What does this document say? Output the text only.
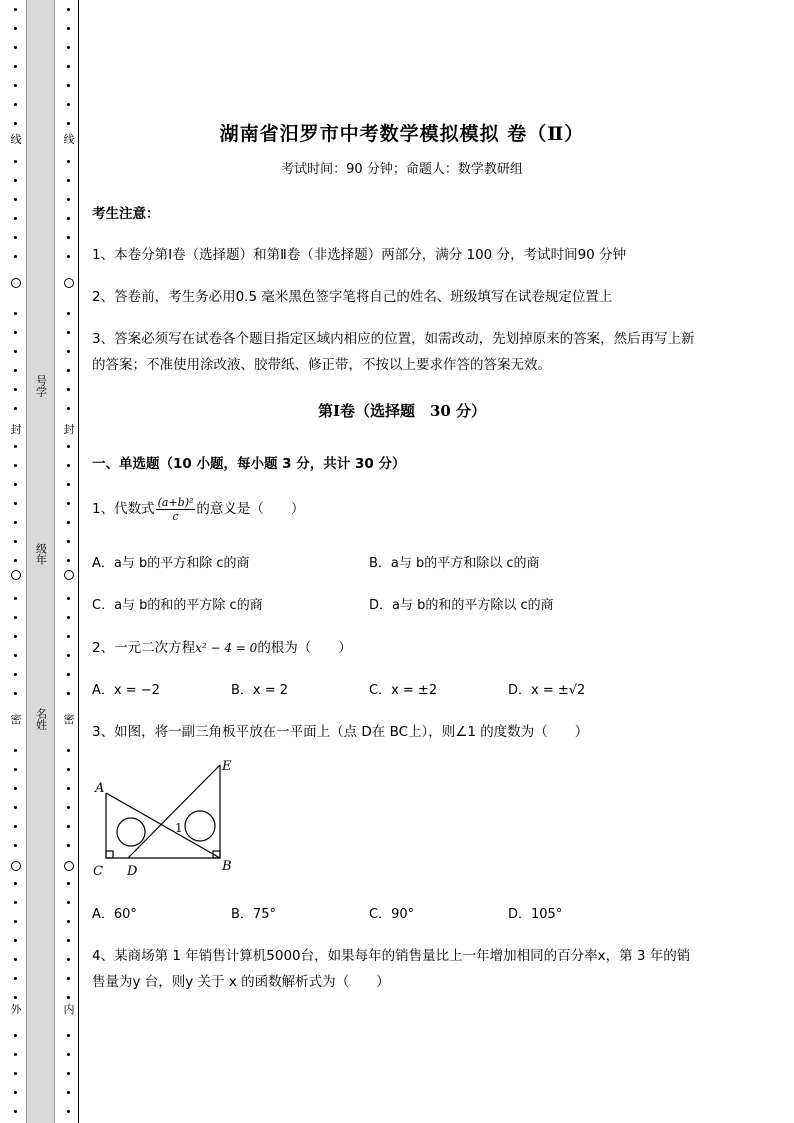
线
封
密
外
号学
级年
名姓
线
封
密
内
湖南省汨罗市中考数学模拟模拟 卷（Ⅱ）
考试时间：90 分钟；命题人：数学教研组
考生注意：
1、本卷分第Ⅰ卷（选择题）和第Ⅱ卷（非选择题）两部分，满分 100 分，考试时间90 分钟
2、答卷前，考生务必用0.5 毫米黑色签字笔将自己的姓名、班级填写在试卷规定位置上
3、答案必须写在试卷各个题目指定区域内相应的位置，如需改动，先划掉原来的答案，然后再写上新
的答案；不准使用涂改液、胶带纸、修正带，不按以上要求作答的答案无效。
第Ⅰ卷（选择题　30 分）
一、单选题（10 小题，每小题 3 分，共计 30 分）
1、代数式 $\frac{\text{(a+b)²}}{c}$ 的意义是（　　）
A．a与 b的平方和除 c的商	B．a与 b的平方和除以 c的商
C．a与 b的和的平方除 c的商	D．a与 b的和的平方除以 c的商
2、一元二次方程x² − 4 = 0的根为（　　）
A．x = −2	B．x = 2	C．x = ±2	D．x = ±√2
3、如图，将一副三角板平放在一平面上（点 D在 BC上），则∠1 的度数为（　　）
A
E
C D	B
1
A．60°	B．75°	C．90°	D．105°
4、某商场第 1 年销售计算机5000台，如果每年的销售量比上一年增加相同的百分率x，第 3 年的销
售量为y 台，则y 关于 x 的函数解析式为（　　）
